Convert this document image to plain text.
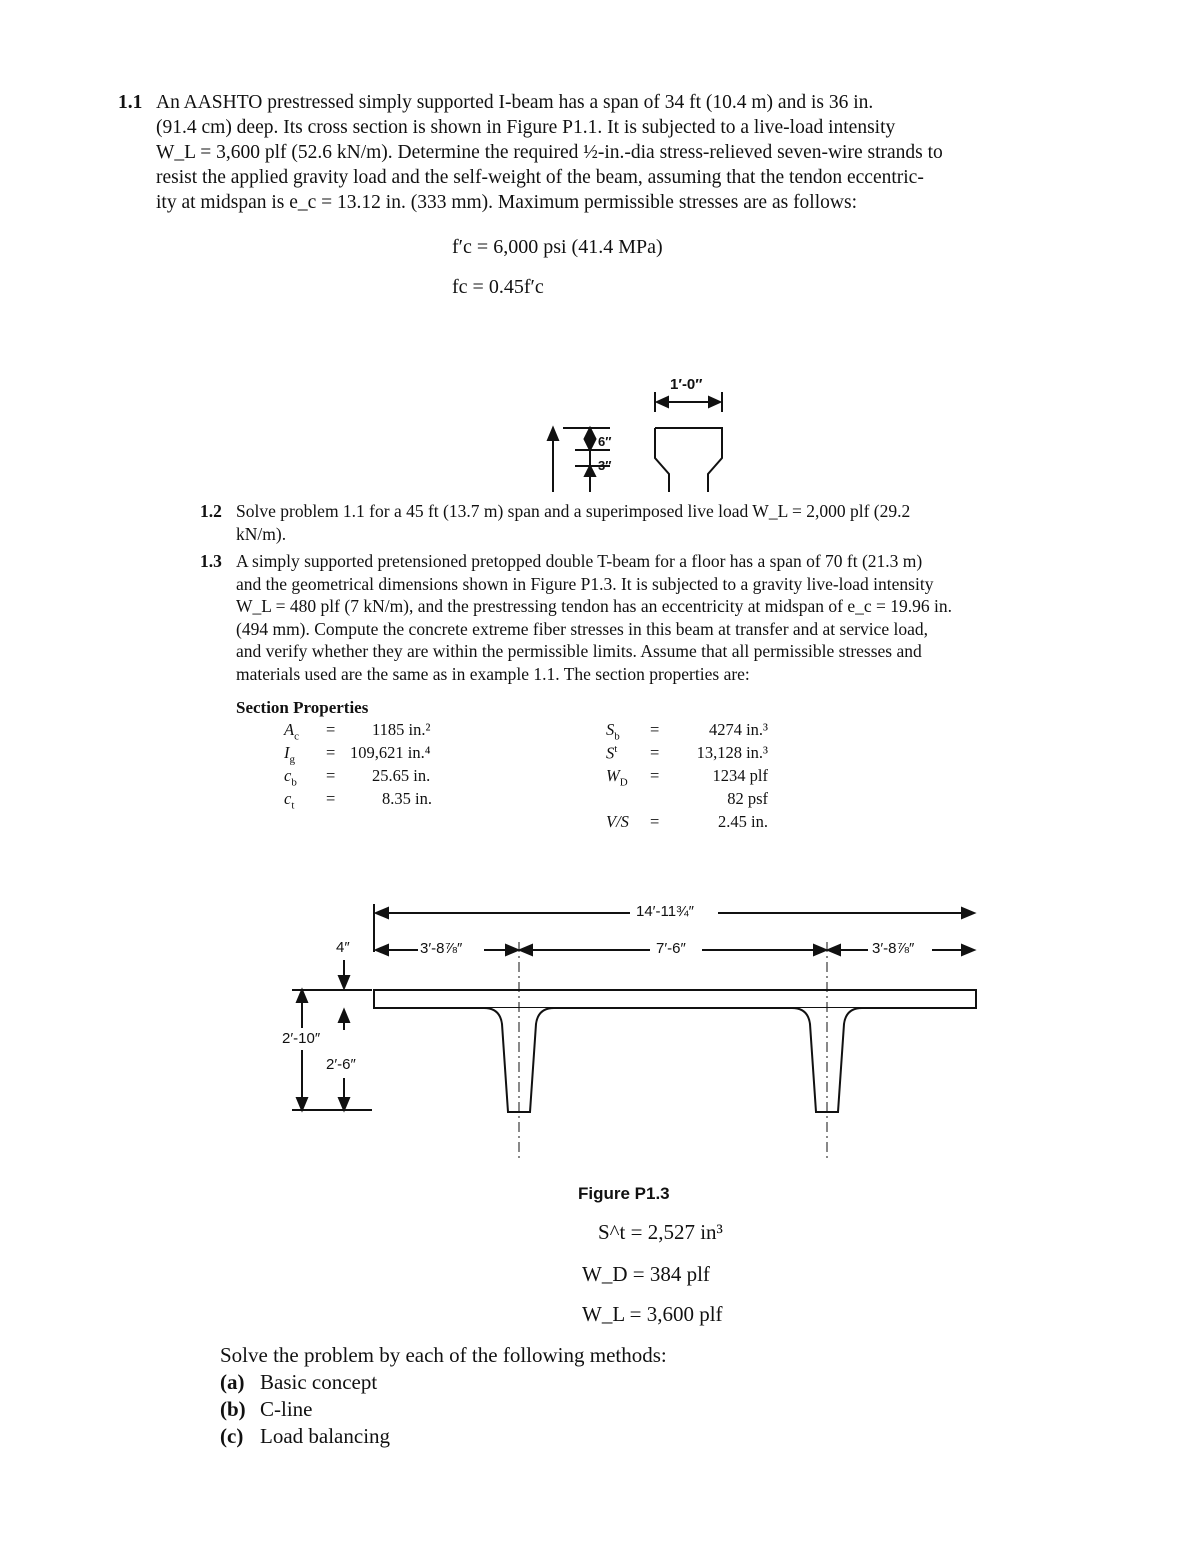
1.1 An AASHTO prestressed simply supported I-beam has a span of 34 ft (10.4 m) and is 36 in.
(91.4 cm) deep. Its cross section is shown in Figure P1.1. It is subjected to a live-load intensity
W_L = 3,600 plf (52.6 kN/m). Determine the required ½-in.-dia stress-relieved seven-wire strands to
resist the applied gravity load and the self-weight of the beam, assuming that the tendon eccentric-
ity at midspan is e_c = 13.12 in. (333 mm). Maximum permissible stresses are as follows:
f′c = 6,000 psi (41.4 MPa)
fc = 0.45f′c
1′-0″
6″
3″
1.2 Solve problem 1.1 for a 45 ft (13.7 m) span and a superimposed live load W_L = 2,000 plf (29.2
kN/m).
1.3 A simply supported pretensioned pretopped double T-beam for a floor has a span of 70 ft (21.3 m)
and the geometrical dimensions shown in Figure P1.3. It is subjected to a gravity live-load intensity
W_L = 480 plf (7 kN/m), and the prestressing tendon has an eccentricity at midspan of e_c = 19.96 in.
(494 mm). Compute the concrete extreme fiber stresses in this beam at transfer and at service load,
and verify whether they are within the permissible limits. Assume that all permissible stresses and
materials used are the same as in example 1.1. The section properties are:
Section Properties
$A_c = 1185$ in.²
$I_g = 109,621$ in.⁴
$c_b = 25.65$ in.
$c_t$ =	8.35 in.
$S_b$ =	4274 in.³
$S^t = 13,128$ in.³
$W_D$ =	1234 plf
82 psf
V/S =	2.45 in.
14′-11¾″
3′-8⅞″	7′-6″	3′-8⅞″
4″
2′-10″
2′-6″
Figure P1.3
S^t = 2,527 in³
W_D = 384 plf
W_L = 3,600 plf
Solve the problem by each of the following methods:
(a) Basic concept
(b) C-line
(c) Load balancing
